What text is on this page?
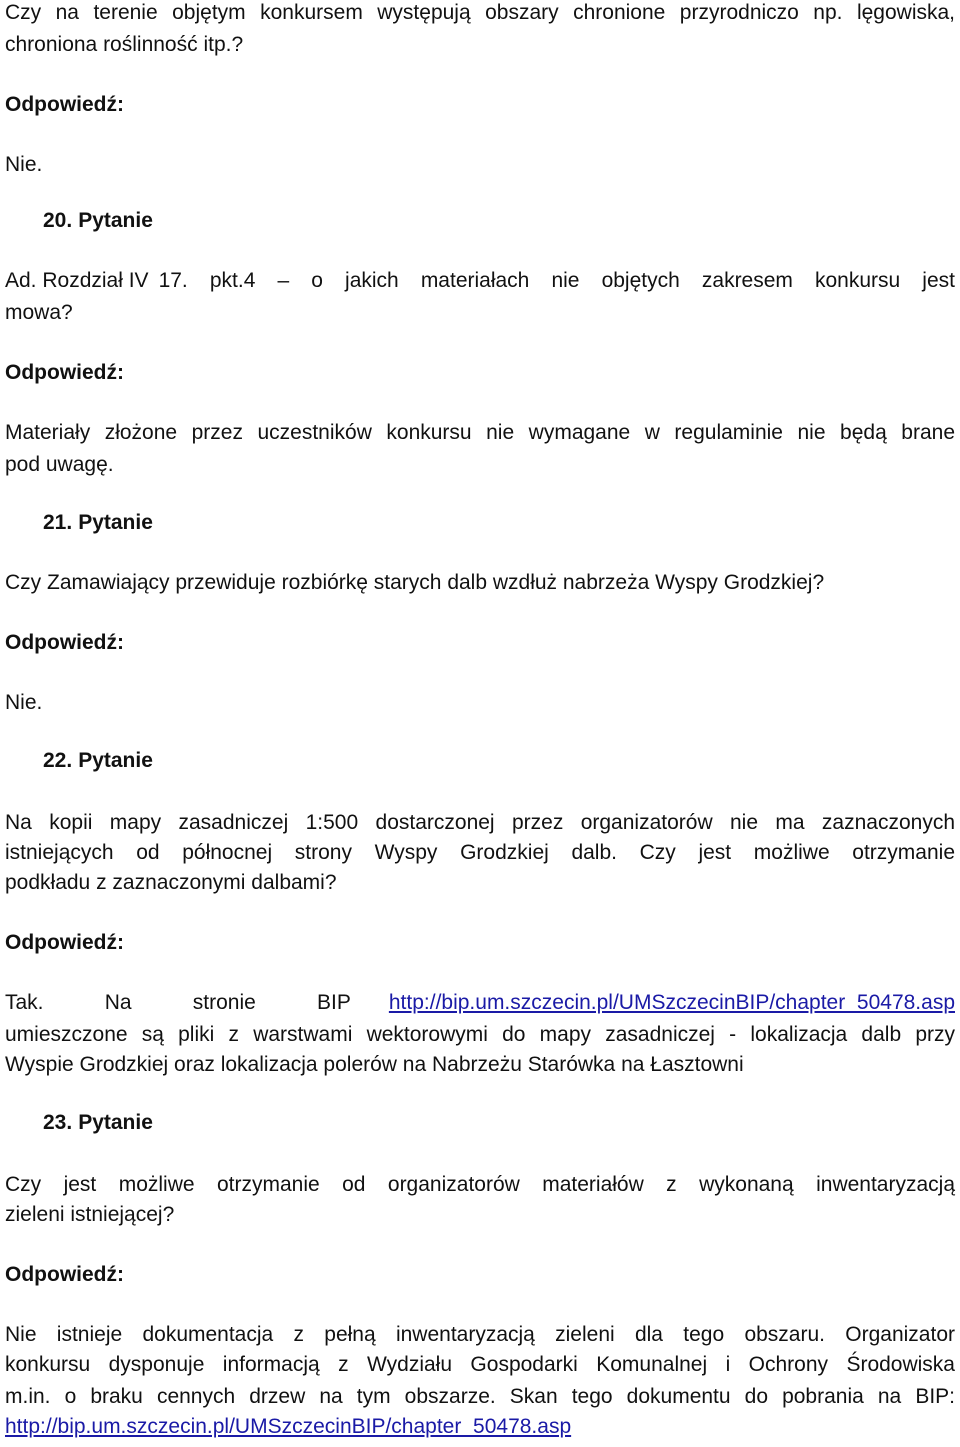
Czy na terenie objętym konkursem występują obszary chronione przyrodniczo np. lęgowiska,
chroniona roślinność itp.?
Odpowiedź:
Nie.
20. Pytanie
Ad. Rozdział IV 17. pkt.4 – o jakich materiałach nie objętych zakresem konkursu jest
mowa?
Odpowiedź:
Materiały złożone przez uczestników konkursu nie wymagane w regulaminie nie będą brane
pod uwagę.
21. Pytanie
Czy Zamawiający przewiduje rozbiórkę starych dalb wzdłuż nabrzeża Wyspy Grodzkiej?
Odpowiedź:
Nie.
22. Pytanie
Na kopii mapy zasadniczej 1:500 dostarczonej przez organizatorów nie ma zaznaczonych
istniejących od północnej strony Wyspy Grodzkiej dalb. Czy jest możliwe otrzymanie
podkładu z zaznaczonymi dalbami?
Odpowiedź:
Tak. Na stronie BIP http://bip.um.szczecin.pl/UMSzczecinBIP/chapter_50478.asp
umieszczone są pliki z warstwami wektorowymi do mapy zasadniczej - lokalizacja dalb przy
Wyspie Grodzkiej oraz lokalizacja polerów na Nabrzeżu Starówka na Łasztowni
23. Pytanie
Czy jest możliwe otrzymanie od organizatorów materiałów z wykonaną inwentaryzacją
zieleni istniejącej?
Odpowiedź:
Nie istnieje dokumentacja z pełną inwentaryzacją zieleni dla tego obszaru. Organizator
konkursu dysponuje informacją z Wydziału Gospodarki Komunalnej i Ochrony Środowiska
m.in. o braku cennych drzew na tym obszarze. Skan tego dokumentu do pobrania na BIP:
http://bip.um.szczecin.pl/UMSzczecinBIP/chapter_50478.asp
